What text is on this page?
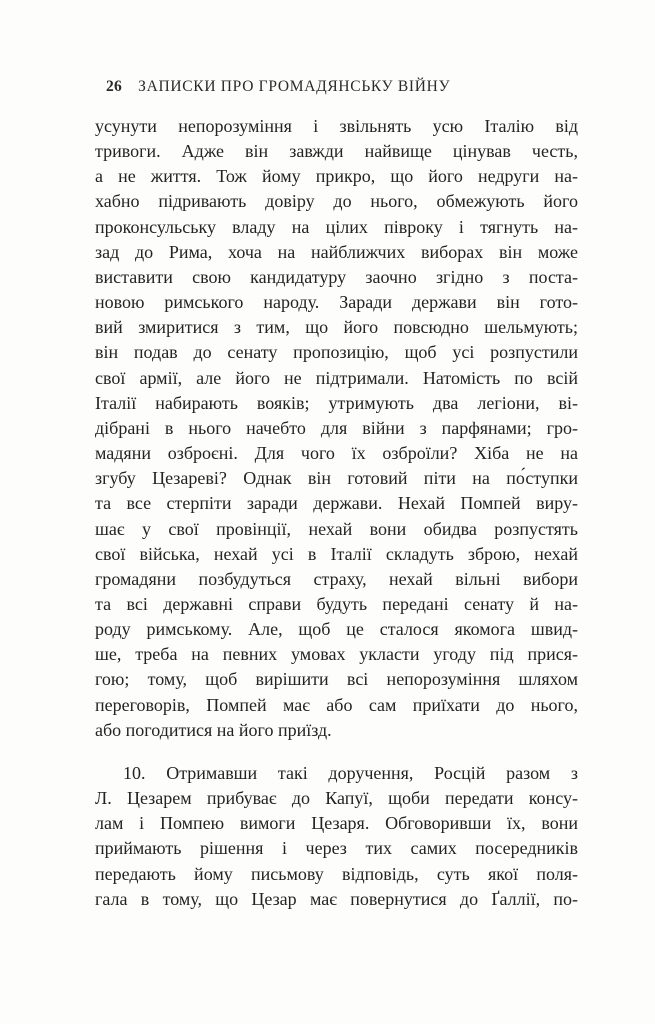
26 ЗАПИСКИ ПРО ГРОМАДЯНСЬКУ ВІЙНУ
усунути непорозуміння і звільнять усю Італію від
тривоги. Адже він завжди найвище цінував честь,
а не життя. Тож йому прикро, що його недруги на-
хабно підривають довіру до нього, обмежують його
проконсульську владу на цілих півроку і тягнуть на-
зад до Рима, хоча на найближчих виборах він може
виставити свою кандидатуру заочно згідно з поста-
новою римського народу. Заради держави він гото-
вий змиритися з тим, що його повсюдно шельмують;
він подав до сенату пропозицію, щоб усі розпустили
свої армії, але його не підтримали. Натомість по всій
Італії набирають вояків; утримують два легіони, ві-
дібрані в нього начебто для війни з парфянами; гро-
мадяни озброєні. Для чого їх озброїли? Хіба не на
згубу Цезареві? Однак він готовий піти на по́ступки
та все стерпіти заради держави. Нехай Помпей виру-
шає у свої провінції, нехай вони обидва розпустять
свої війська, нехай усі в Італії складуть зброю, нехай
громадяни позбудуться страху, нехай вільні вибори
та всі державні справи будуть передані сенату й на-
роду римському. Але, щоб це сталося якомога швид-
ше, треба на певних умовах укласти угоду під прися-
гою; тому, щоб вирішити всі непорозуміння шляхом
переговорів, Помпей має або сам приїхати до нього,
або погодитися на його приїзд.
10. Отримавши такі доручення, Росцій разом з
Л. Цезарем прибуває до Капуї, щоби передати консу-
лам і Помпею вимоги Цезаря. Обговоривши їх, вони
приймають рішення і через тих самих посередників
передають йому письмову відповідь, суть якої поля-
гала в тому, що Цезар має повернутися до Ґаллії, по-
